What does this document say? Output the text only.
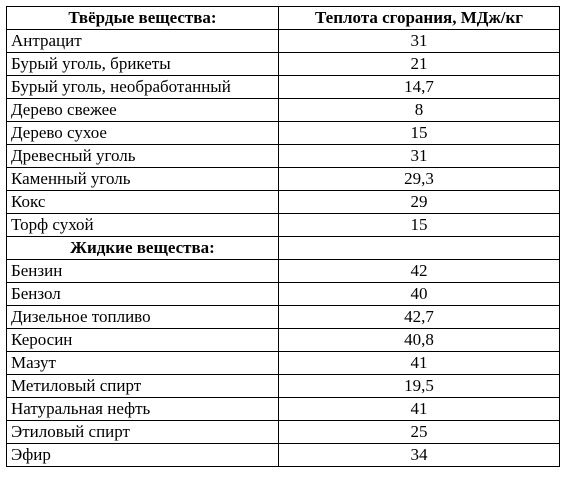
Твёрдые вещества:	Теплота сгорания, МДж/кг
Антрацит	31
Бурый уголь, брикеты	21
Бурый уголь, необработанный	14,7
Дерево свежее	8
Дерево сухое	15
Древесный уголь	31
Каменный уголь	29,3
Кокс	29
Торф сухой	15
Жидкие вещества:	
Бензин	42
Бензол	40
Дизельное топливо	42,7
Керосин	40,8
Мазут	41
Метиловый спирт	19,5
Натуральная нефть	41
Этиловый спирт	25
Эфир	34
